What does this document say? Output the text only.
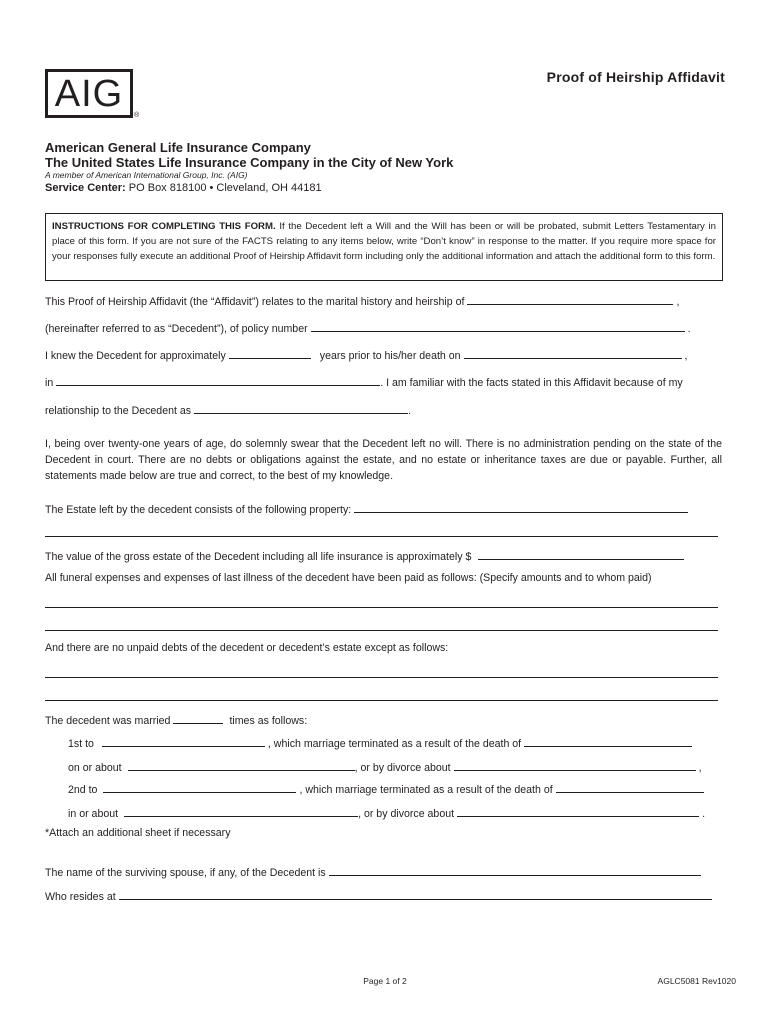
AIG
®
Proof of Heirship Affidavit
American General Life Insurance Company
The United States Life Insurance Company in the City of New York
A member of American International Group, Inc. (AIG)
Service Center: PO Box 818100 • Cleveland, OH 44181
INSTRUCTIONS FOR COMPLETING THIS FORM. If the Decedent left a Will and the Will has been or will be probated, submit Letters Testamentary in place of this form. If you are not sure of the FACTS relating to any items below, write “Don’t know” in response to the matter. If you require more space for your responses fully execute an additional Proof of Heirship Affidavit form including only the additional information and attach the additional form to this form.
This Proof of Heirship Affidavit (the “Affidavit”) relates to the marital history and heirship of	,
(hereinafter referred to as “Decedent”), of policy number	.
I knew the Decedent for approximately	years prior to his/her death on	,
in	. I am familiar with the facts stated in this Affidavit because of my
relationship to the Decedent as	.
I, being over twenty-one years of age, do solemnly swear that the Decedent left no will. There is no administration pending on the state of the Decedent in court. There are no debts or obligations against the estate, and no estate or inheritance taxes are due or payable. Further, all statements made below are true and correct, to the best of my knowledge.
The Estate left by the decedent consists of the following property:
The value of the gross estate of the Decedent including all life insurance is approximately $
All funeral expenses and expenses of last illness of the decedent have been paid as follows: (Specify amounts and to whom paid)
And there are no unpaid debts of the decedent or decedent’s estate except as follows:
The decedent was married	times as follows:
1st to	, which marriage terminated as a result of the death of
on or about	, or by divorce about	,
2nd to	, which marriage terminated as a result of the death of
in or about	, or by divorce about	.
*Attach an additional sheet if necessary
The name of the surviving spouse, if any, of the Decedent is
Who resides at
Page 1 of 2	AGLC5081 Rev1020
